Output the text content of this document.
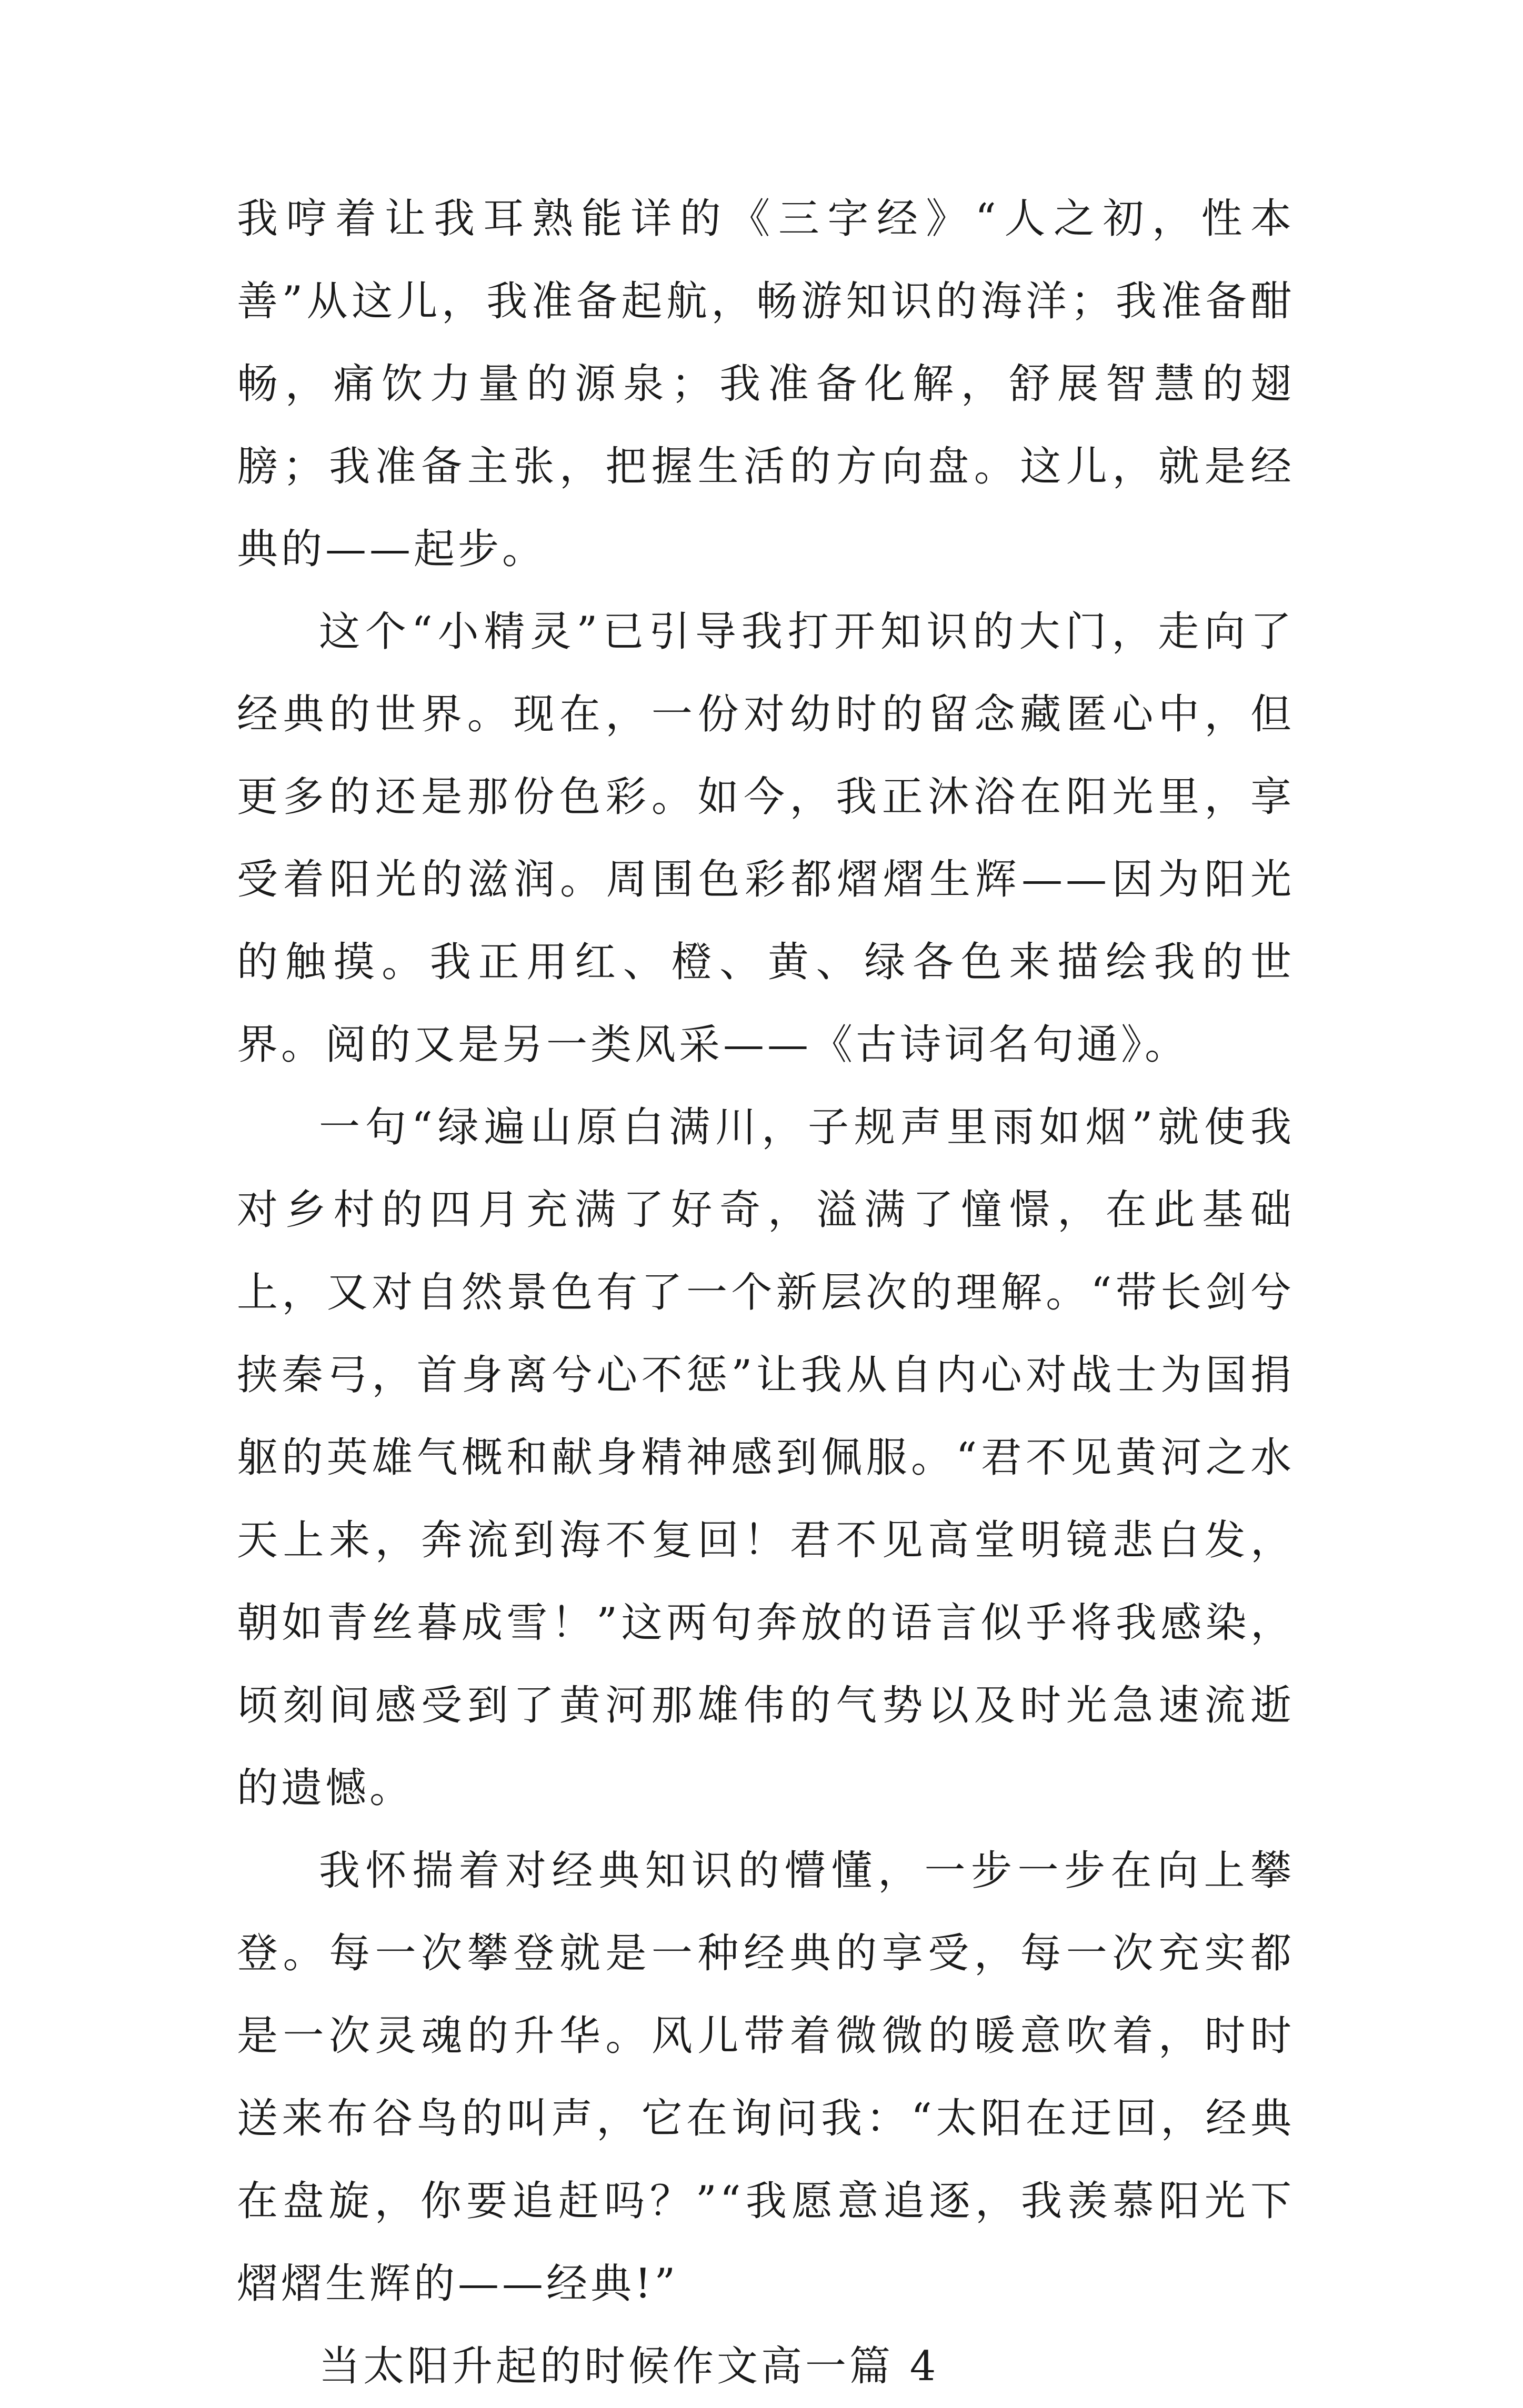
我哼着让我耳熟能详的《三字经》“人之初，性本善”从这儿，我准备起航，畅游知识的海洋；我准备酣畅，痛饮力量的源泉；我准备化解，舒展智慧的翅膀；我准备主张，把握生活的方向盘。这儿，就是经典的——起步。

这个“小精灵”已引导我打开知识的大门，走向了经典的世界。现在，一份对幼时的留念藏匿心中，但更多的还是那份色彩。如今，我正沐浴在阳光里，享受着阳光的滋润。周围色彩都熠熠生辉——因为阳光的触摸。我正用红、橙、黄、绿各色来描绘我的世界。阅的又是另一类风采——《古诗词名句通》。

一句“绿遍山原白满川，子规声里雨如烟”就使我对乡村的四月充满了好奇，溢满了憧憬，在此基础上，又对自然景色有了一个新层次的理解。“带长剑兮挟秦弓，首身离兮心不惩”让我从自内心对战士为国捐躯的英雄气概和献身精神感到佩服。“君不见黄河之水天上来，奔流到海不复回！君不见高堂明镜悲白发，朝如青丝暮成雪！”这两句奔放的语言似乎将我感染，顷刻间感受到了黄河那雄伟的气势以及时光急速流逝的遗憾。

我怀揣着对经典知识的懵懂，一步一步在向上攀登。每一次攀登就是一种经典的享受，每一次充实都是一次灵魂的升华。风儿带着微微的暖意吹着，时时送来布谷鸟的叫声，它在询问我：“太阳在迂回，经典在盘旋，你要追赶吗？”“我愿意追逐，我羡慕阳光下熠熠生辉的——经典!”

当太阳升起的时候作文高一篇 4
